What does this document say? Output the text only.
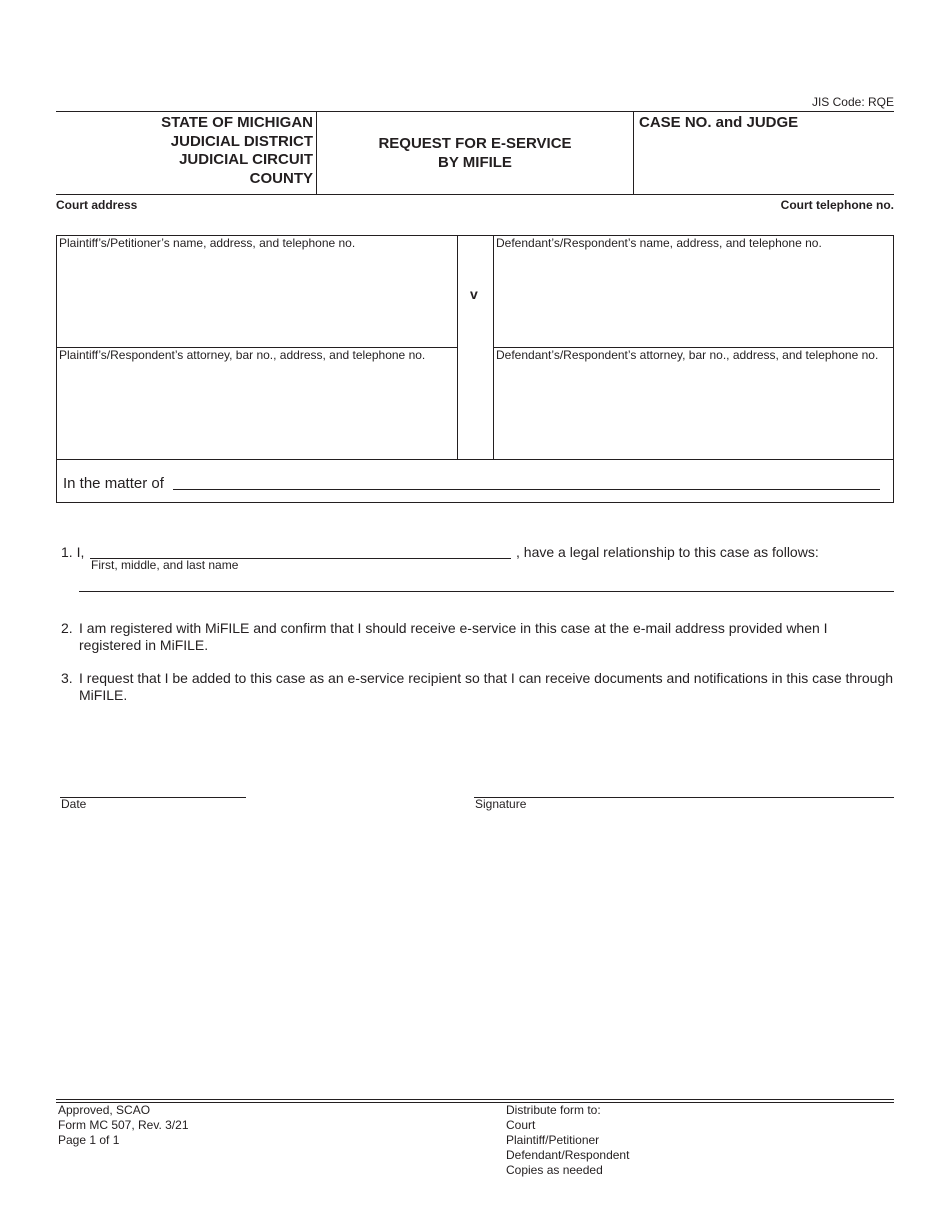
JIS Code: RQE
STATE OF MICHIGAN
JUDICIAL DISTRICT
JUDICIAL CIRCUIT
COUNTY
REQUEST FOR E-SERVICE
BY MIFILE
CASE NO. and JUDGE
Court address	Court telephone no.
Plaintiff’s/Petitioner’s name, address, and telephone no.	Defendant’s/Respondent’s name, address, and telephone no.
v
Plaintiff’s/Respondent’s attorney, bar no., address, and telephone no.	Defendant’s/Respondent’s attorney, bar no., address, and telephone no.
In the matter of
1. I,
First, middle, and last name
, have a legal relationship to this case as follows:
2. I am registered with MiFILE and confirm that I should receive e-service in this case at the e-mail address provided when I registered in MiFILE.
3. I request that I be added to this case as an e-service recipient so that I can receive documents and notifications in this case through MiFILE.
Date	Signature
Approved, SCAO
Form MC 507, Rev. 3/21
Page 1 of 1
Distribute form to:
Court
Plaintiff/Petitioner
Defendant/Respondent
Copies as needed
